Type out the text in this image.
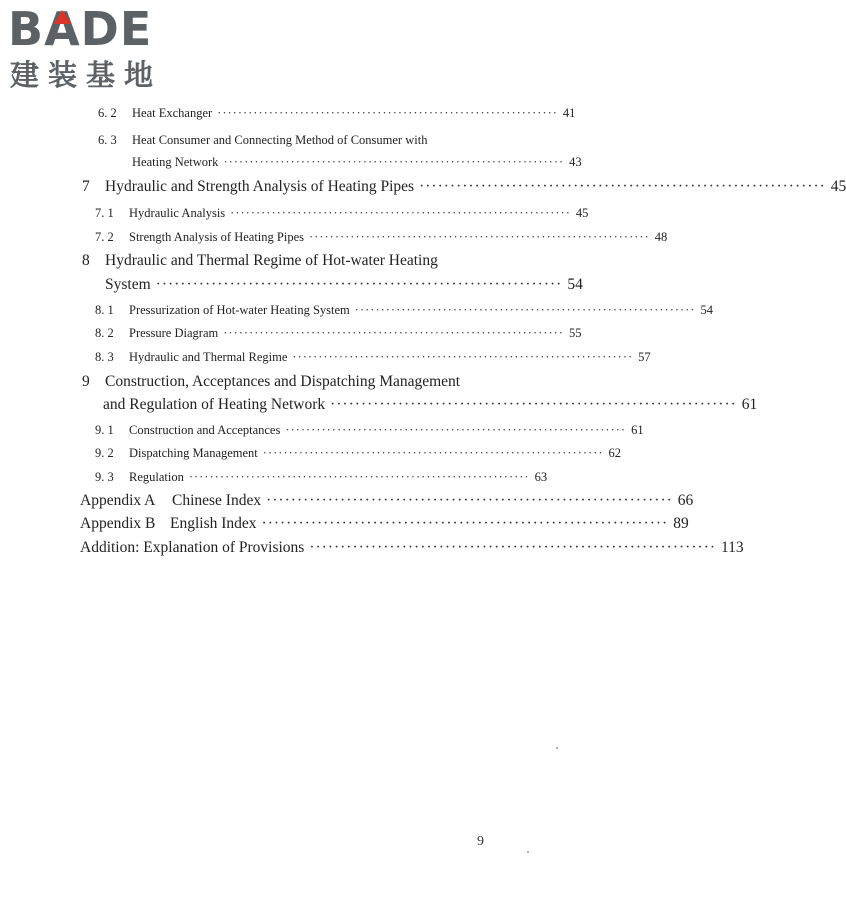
BA
DE
建装基地
6. 2	Heat Exchanger ·································································· 41
6. 3	Heat Consumer and Connecting Method of Consumer with
Heating Network ·································································· 43
7 Hydraulic and Strength Analysis of Heating Pipes ·································································· 45
7. 1	Hydraulic Analysis ·································································· 45
7. 2	Strength Analysis of Heating Pipes ·································································· 48
8 Hydraulic and Thermal Regime of Hot-water Heating
System ·································································· 54
8. 1	Pressurization of Hot-water Heating System ·································································· 54
8. 2	Pressure Diagram ·································································· 55
8. 3	Hydraulic and Thermal Regime ·································································· 57
9 Construction, Acceptances and Dispatching Management
and Regulation of Heating Network ·································································· 61
9. 1	Construction and Acceptances ·································································· 61
9. 2	Dispatching Management ·································································· 62
9. 3	Regulation ·································································· 63
Appendix A	Chinese Index ·································································· 66
Appendix B English Index ·································································· 89
Addition: Explanation of Provisions ·································································· 113
9
